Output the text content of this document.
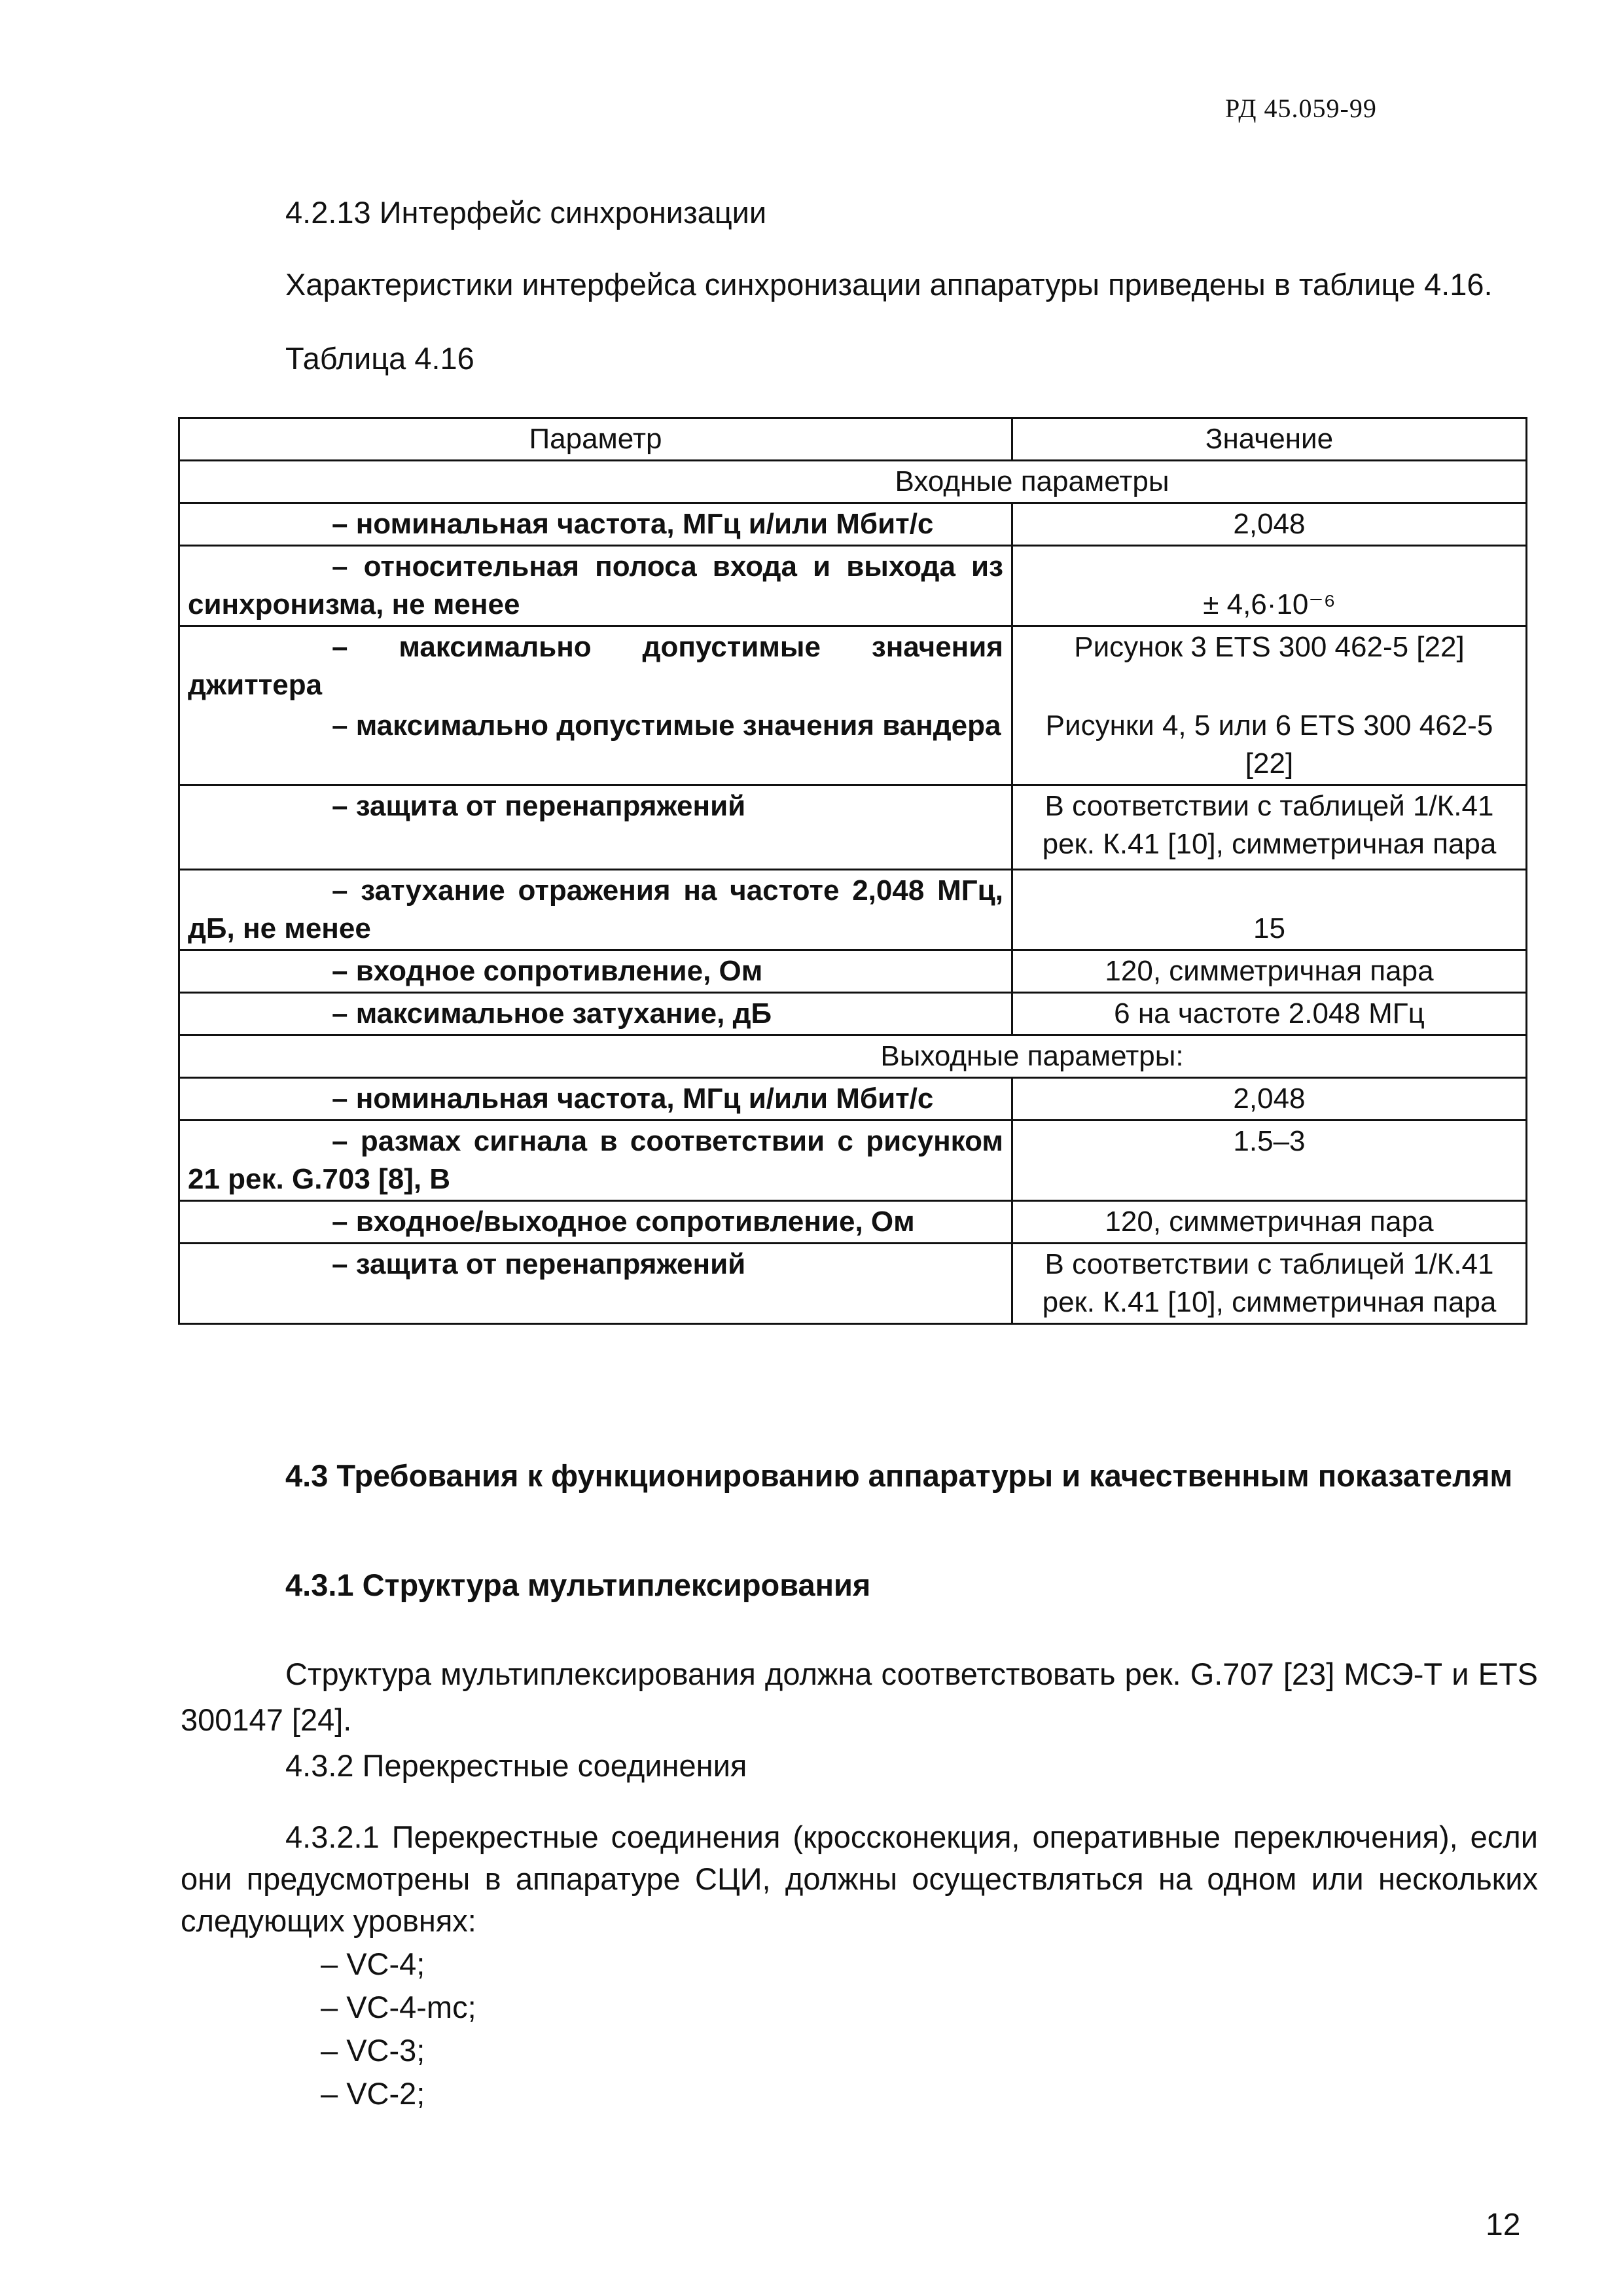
РД 45.059-99
4.2.13 Интерфейс синхронизации
Характеристики интерфейса синхронизации аппаратуры приведены в таблице 4.16.
Таблица 4.16
Параметр	Значение
Входные параметры	
– номинальная частота, МГц и/или Мбит/с	2,048
– относительная полоса входа и выхода из синхронизма, не менее	± 4,6·10⁻⁶
– максимально допустимые значения джиттера	Рисунок 3 ETS 300 462-5 [22]
– максимально допустимые значения вандера	Рисунки 4, 5 или 6 ETS 300 462-5 [22]
– защита от перенапряжений	В соответствии с таблицей 1/К.41 рек. К.41 [10], симметричная пара
– затухание отражения на частоте 2,048 МГц, дБ, не менее	15
– входное сопротивление, Ом	120, симметричная пара
– максимальное затухание, дБ	6 на частоте 2.048 МГц
Выходные параметры:	
– номинальная частота, МГц и/или Мбит/с	2,048
– размах сигнала в соответствии с рисунком 21 рек. G.703 [8], В	1.5–3
– входное/выходное сопротивление, Ом	120, симметричная пара
– защита от перенапряжений	В соответствии с таблицей 1/К.41 рек. К.41 [10], симметричная пара
4.3 Требования к функционированию аппаратуры и качественным показателям
4.3.1 Структура мультиплексирования
Структура мультиплексирования должна соответствовать рек. G.707 [23] МСЭ-Т и ETS 300147 [24].
4.3.2 Перекрестные соединения
4.3.2.1 Перекрестные соединения (кроссконекция, оперативные переключения), если они предусмотрены в аппаратуре СЦИ, должны осуществляться на одном или нескольких следующих уровнях:
– VC-4;
– VC-4-mc;
– VC-3;
– VC-2;
12
